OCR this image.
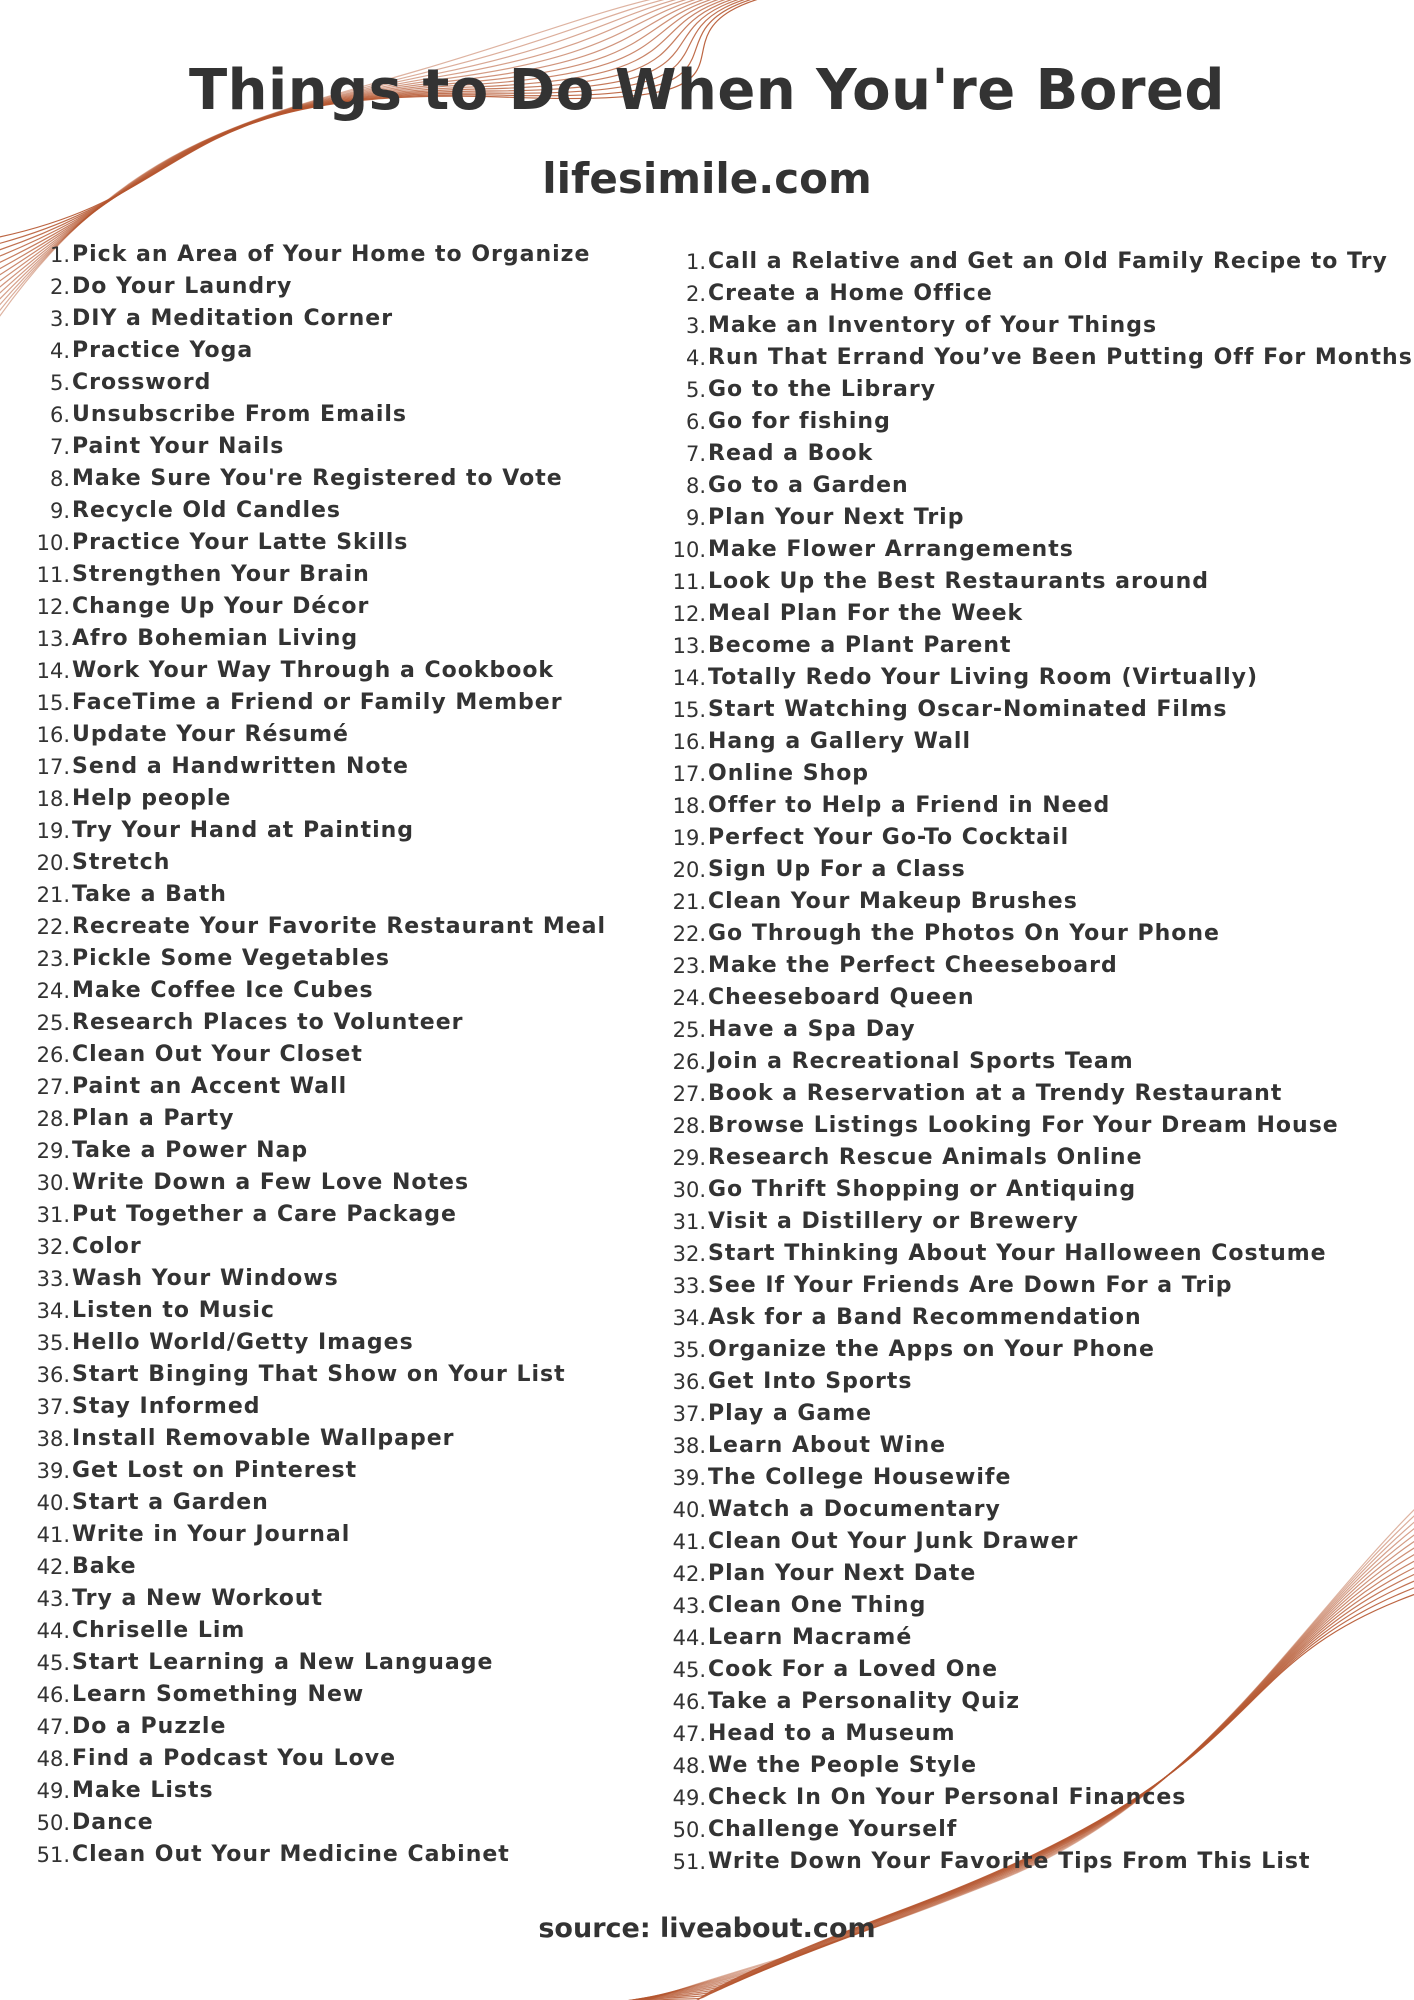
Things to Do When You're Bored
lifesimile.com
1. Pick an Area of Your Home to Organize
2. Do Your Laundry
3. DIY a Meditation Corner
4. Practice Yoga
5. Crossword
6. Unsubscribe From Emails
7. Paint Your Nails
8. Make Sure You're Registered to Vote
9. Recycle Old Candles
10. Practice Your Latte Skills
11. Strengthen Your Brain
12. Change Up Your Décor
13. Afro Bohemian Living
14. Work Your Way Through a Cookbook
15. FaceTime a Friend or Family Member
16. Update Your Résumé
17. Send a Handwritten Note
18. Help people
19. Try Your Hand at Painting
20. Stretch
21. Take a Bath
22. Recreate Your Favorite Restaurant Meal
23. Pickle Some Vegetables
24. Make Coffee Ice Cubes
25. Research Places to Volunteer
26. Clean Out Your Closet
27. Paint an Accent Wall
28. Plan a Party
29. Take a Power Nap
30. Write Down a Few Love Notes
31. Put Together a Care Package
32. Color
33. Wash Your Windows
34. Listen to Music
35. Hello World/Getty Images
36. Start Binging That Show on Your List
37. Stay Informed
38. Install Removable Wallpaper
39. Get Lost on Pinterest
40. Start a Garden
41. Write in Your Journal
42. Bake
43. Try a New Workout
44. Chriselle Lim
45. Start Learning a New Language
46. Learn Something New
47. Do a Puzzle
48. Find a Podcast You Love
49. Make Lists
50. Dance
51. Clean Out Your Medicine Cabinet
1. Call a Relative and Get an Old Family Recipe to Try
2. Create a Home Office
3. Make an Inventory of Your Things
4. Run That Errand You’ve Been Putting Off For Months
5. Go to the Library
6. Go for fishing
7. Read a Book
8. Go to a Garden
9. Plan Your Next Trip
10. Make Flower Arrangements
11. Look Up the Best Restaurants around
12. Meal Plan For the Week
13. Become a Plant Parent
14. Totally Redo Your Living Room (Virtually)
15. Start Watching Oscar-Nominated Films
16. Hang a Gallery Wall
17. Online Shop
18. Offer to Help a Friend in Need
19. Perfect Your Go-To Cocktail
20. Sign Up For a Class
21. Clean Your Makeup Brushes
22. Go Through the Photos On Your Phone
23. Make the Perfect Cheeseboard
24. Cheeseboard Queen
25. Have a Spa Day
26. Join a Recreational Sports Team
27. Book a Reservation at a Trendy Restaurant
28. Browse Listings Looking For Your Dream House
29. Research Rescue Animals Online
30. Go Thrift Shopping or Antiquing
31. Visit a Distillery or Brewery
32. Start Thinking About Your Halloween Costume
33. See If Your Friends Are Down For a Trip
34. Ask for a Band Recommendation
35. Organize the Apps on Your Phone
36. Get Into Sports
37. Play a Game
38. Learn About Wine
39. The College Housewife
40. Watch a Documentary
41. Clean Out Your Junk Drawer
42. Plan Your Next Date
43. Clean One Thing
44. Learn Macramé
45. Cook For a Loved One
46. Take a Personality Quiz
47. Head to a Museum
48. We the People Style
49. Check In On Your Personal Finances
50. Challenge Yourself
51. Write Down Your Favorite Tips From This List
source: liveabout.com
